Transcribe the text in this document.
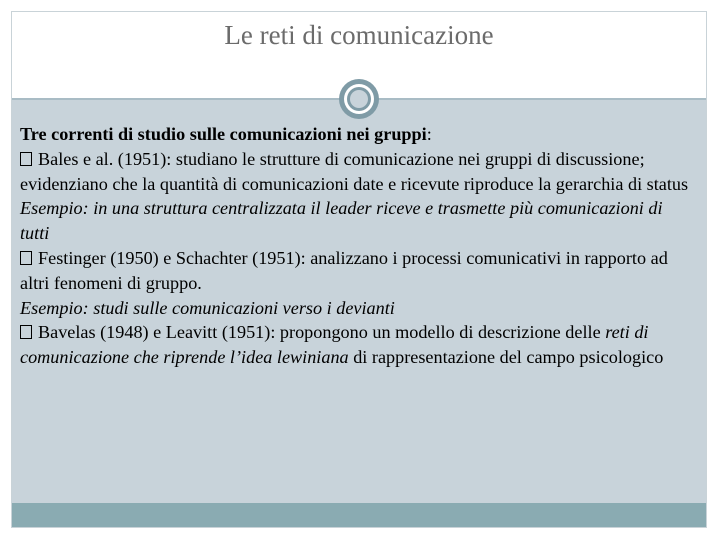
Le reti di comunicazione

Tre correnti di studio sulle comunicazioni nei gruppi:

Bales e al. (1951): studiano le strutture di comunicazione nei gruppi di discussione; evidenziano che la quantità di comunicazioni date e ricevute riproduce la gerarchia di status

Esempio: in una struttura centralizzata il leader riceve e trasmette più comunicazioni di tutti

Festinger (1950) e Schachter (1951): analizzano i processi comunicativi in rapporto ad altri fenomeni di gruppo.

Esempio: studi sulle comunicazioni verso i devianti

Bavelas (1948) e Leavitt (1951): propongono un modello di descrizione delle reti di comunicazione che riprende l’idea lewiniana di rappresentazione del campo psicologico
